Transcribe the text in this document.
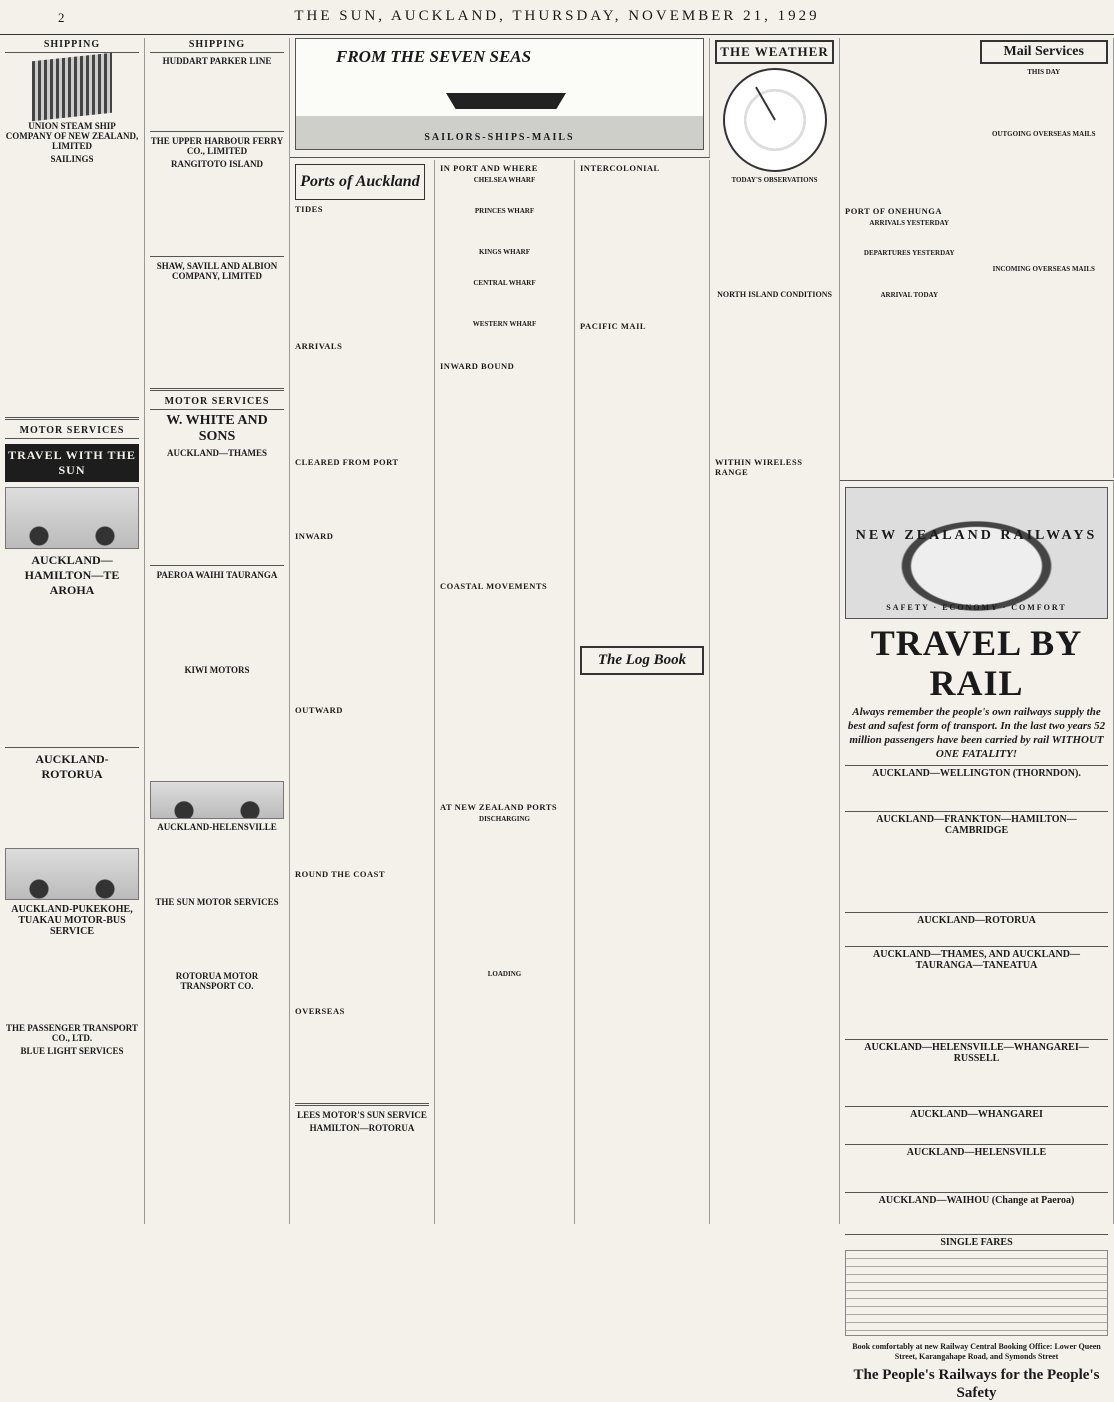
2	THE SUN, AUCKLAND, THURSDAY, NOVEMBER 21, 1929
SHIPPING
UNION STEAM SHIP COMPANY OF NEW ZEALAND, LIMITED
SAILINGS

MOTOR SERVICES
TRAVEL WITH THE SUN
AUCKLAND—HAMILTON—TE AROHA

AUCKLAND-ROTORUA

AUCKLAND-PUKEKOHE, TUAKAU MOTOR-BUS SERVICE

THE PASSENGER TRANSPORT CO., LTD.
BLUE LIGHT SERVICES

SHIPPING
HUDDART PARKER LINE

THE UPPER HARBOUR FERRY CO., LIMITED
RANGITOTO ISLAND

SHAW, SAVILL AND ALBION COMPANY, LIMITED

MOTOR SERVICES
W. WHITE AND SONS
AUCKLAND—THAMES

PAEROA WAIHI TAURANGA

KIWI MOTORS

AUCKLAND-HELENSVILLE

THE SUN MOTOR SERVICES

ROTORUA MOTOR TRANSPORT CO.

FROM THE SEVEN SEAS
SAILORS-SHIPS-MAILS
Ports of Auckland
TIDES

ARRIVALS

CLEARED FROM PORT

INWARD
OUTWARD
ROUND THE COAST

OVERSEAS

LEES MOTOR'S SUN SERVICE
HAMILTON—ROTORUA

IN PORT AND WHERE
CHELSEA WHARF

PRINCES WHARF

KINGS WHARF

CENTRAL WHARF

WESTERN WHARF

INWARD BOUND

COASTAL MOVEMENTS

AT NEW ZEALAND PORTS
DISCHARGING

LOADING

THE WEATHER
TODAY'S OBSERVATIONS

NORTH ISLAND CONDITIONS

WITHIN WIRELESS RANGE

PORT OF ONEHUNGA
ARRIVALS YESTERDAY

DEPARTURES YESTERDAY

ARRIVAL TODAY

Mail Services
THIS DAY

OUTGOING OVERSEAS MAILS

INCOMING OVERSEAS MAILS

INTERCOLONIAL

PACIFIC MAIL

The Log Book

NEW ZEALAND RAILWAYS
SAFETY · ECONOMY · COMFORT
TRAVEL BY RAIL
Always remember the people's own railways supply the best and safest form of transport. In the last two years 52 million passengers have been carried by rail WITHOUT ONE FATALITY!
AUCKLAND—WELLINGTON (THORNDON).
AUCKLAND—FRANKTON—HAMILTON—CAMBRIDGE
AUCKLAND—ROTORUA
AUCKLAND—THAMES, AND AUCKLAND—TAURANGA—TANEATUA
AUCKLAND—HELENSVILLE—WHANGAREI—RUSSELL
AUCKLAND—WHANGAREI
AUCKLAND—HELENSVILLE
AUCKLAND—WAIHOU (Change at Paeroa)
SINGLE FARES
Book comfortably at new Railway Central Booking Office: Lower Queen Street, Karangahape Road, and Symonds Street
The People's Railways for the People's Safety
